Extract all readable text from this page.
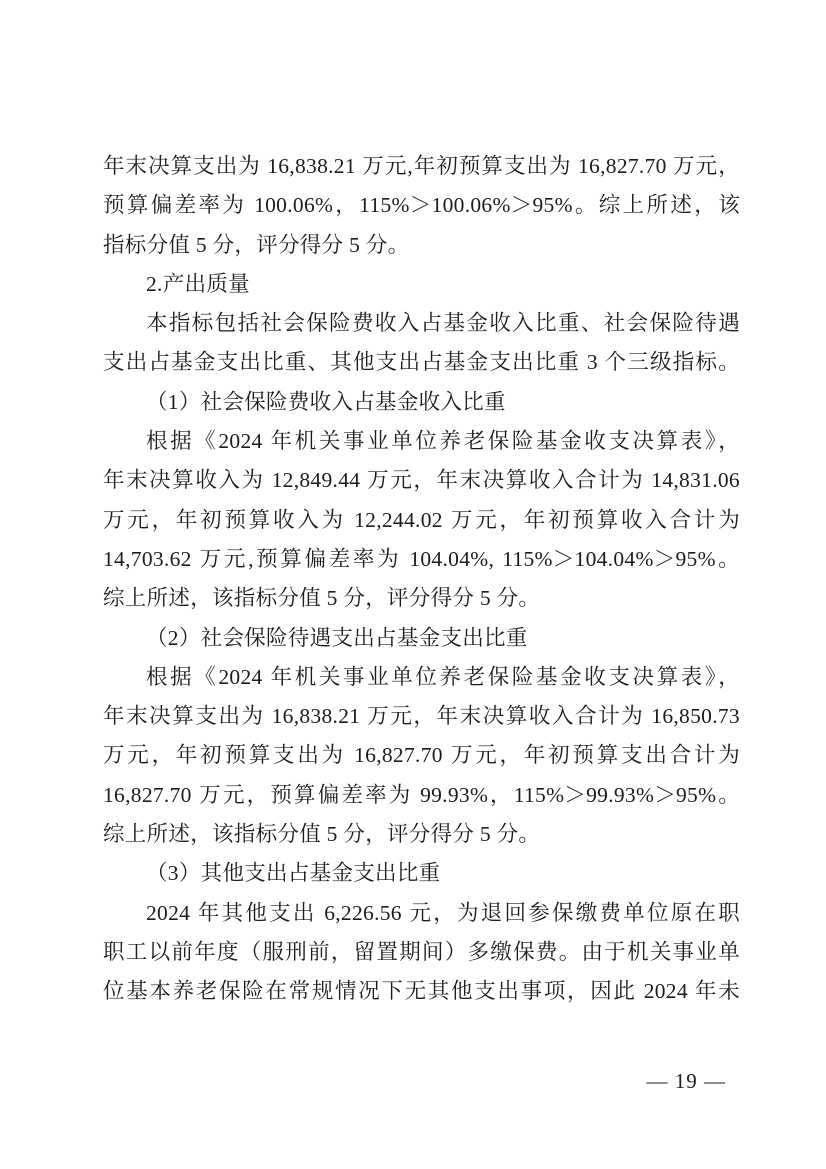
年末决算支出为 16,838.21 万元,年初预算支出为 16,827.70 万元，
预算偏差率为 100.06%，115%＞100.06%＞95%。综上所述，该
指标分值 5 分，评分得分 5 分。
2.产出质量
本指标包括社会保险费收入占基金收入比重、社会保险待遇
支出占基金支出比重、其他支出占基金支出比重 3 个三级指标。
（1）社会保险费收入占基金收入比重
根据《2024 年机关事业单位养老保险基金收支决算表》，
年末决算收入为 12,849.44 万元，年末决算收入合计为 14,831.06
万元，年初预算收入为 12,244.02 万元，年初预算收入合计为
14,703.62 万元,预算偏差率为 104.04%, 115%＞104.04%＞95%。
综上所述，该指标分值 5 分，评分得分 5 分。
（2）社会保险待遇支出占基金支出比重
根据《2024 年机关事业单位养老保险基金收支决算表》，
年末决算支出为 16,838.21 万元，年末决算收入合计为 16,850.73
万元，年初预算支出为 16,827.70 万元，年初预算支出合计为
16,827.70 万元，预算偏差率为 99.93%，115%＞99.93%＞95%。
综上所述，该指标分值 5 分，评分得分 5 分。
（3）其他支出占基金支出比重
2024 年其他支出 6,226.56 元，为退回参保缴费单位原在职
职工以前年度（服刑前，留置期间）多缴保费。由于机关事业单
位基本养老保险在常规情况下无其他支出事项，因此 2024 年未
— 19 —
